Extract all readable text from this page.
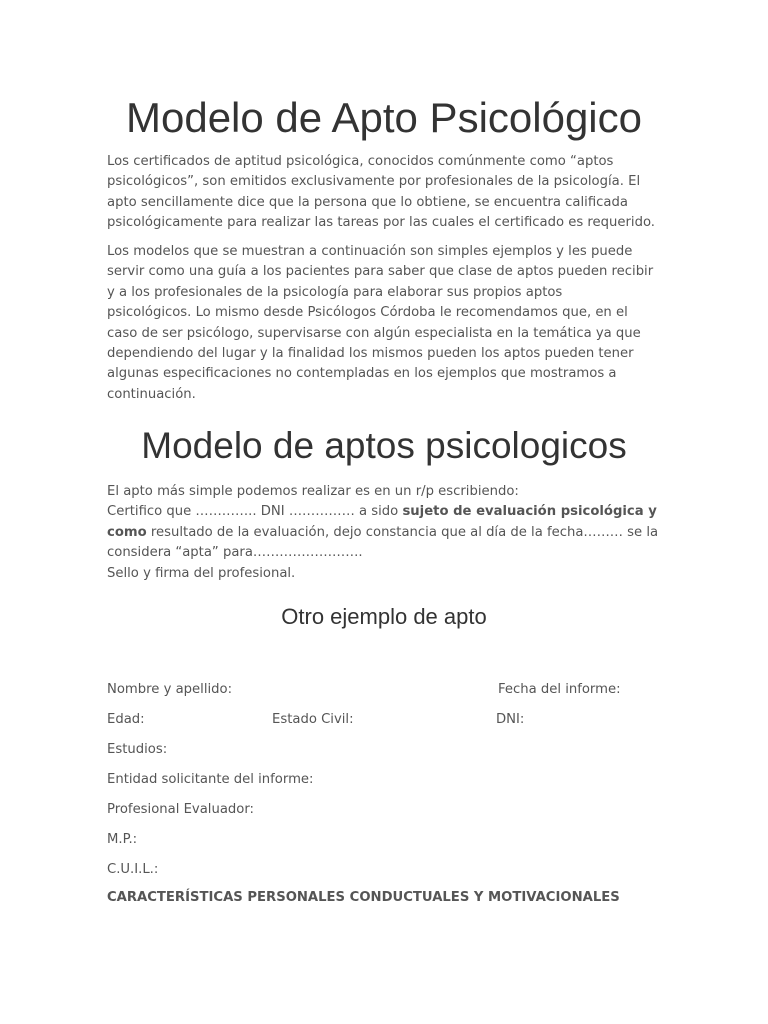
Modelo de Apto Psicológico

Los certificados de aptitud psicológica, conocidos comúnmente como “aptos
psicológicos”, son emitidos exclusivamente por profesionales de la psicología. El
apto sencillamente dice que la persona que lo obtiene, se encuentra calificada
psicológicamente para realizar las tareas por las cuales el certificado es requerido.

Los modelos que se muestran a continuación son simples ejemplos y les puede
servir como una guía a los pacientes para saber que clase de aptos pueden recibir
y a los profesionales de la psicología para elaborar sus propios aptos
psicológicos. Lo mismo desde Psicólogos Córdoba le recomendamos que, en el
caso de ser psicólogo, supervisarse con algún especialista en la temática ya que
dependiendo del lugar y la finalidad los mismos pueden los aptos pueden tener
algunas especificaciones no contempladas en los ejemplos que mostramos a
continuación.

Modelo de aptos psicologicos

El apto más simple podemos realizar es en un r/p escribiendo:
Certifico que ………….. DNI …………… a sido sujeto de evaluación psicológica y
como resultado de la evaluación, dejo constancia que al día de la fecha……… se la
considera “apta” para…………………….
Sello y firma del profesional.

Otro ejemplo de apto
Nombre y apellido:	Fecha del informe:
Edad:	Estado Civil:	DNI:
Estudios:
Entidad solicitante del informe:
Profesional Evaluador:
M.P.:
C.U.I.L.:
CARACTERÍSTICAS PERSONALES CONDUCTUALES Y MOTIVACIONALES
